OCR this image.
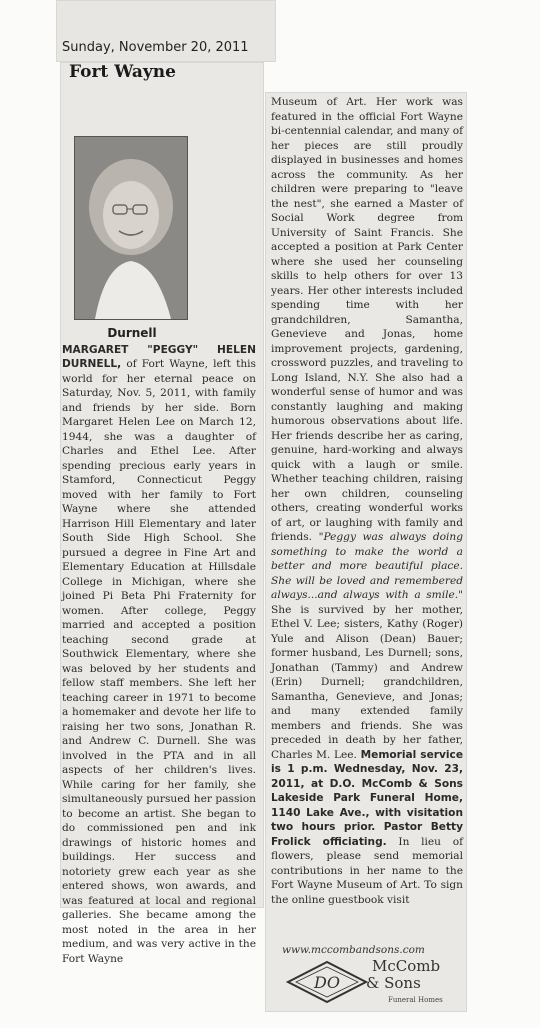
Sunday, November 20, 2011
Fort Wayne
Durnell
MARGARET "PEGGY" HELEN DURNELL, of Fort Wayne, left this world for her eternal peace on Saturday, Nov. 5, 2011, with family and friends by her side. Born Margaret Helen Lee on March 12, 1944, she was a daughter of Charles and Ethel Lee. After spending precious early years in Stamford, Connecticut Peggy moved with her family to Fort Wayne where she attended Harrison Hill Elementary and later South Side High School. She pursued a degree in Fine Art and Elementary Education at Hillsdale College in Michigan, where she joined Pi Beta Phi Fraternity for women. After college, Peggy married and accepted a position teaching second grade at Southwick Elementary, where she was beloved by her students and fellow staff members. She left her teaching career in 1971 to become a homemaker and devote her life to raising her two sons, Jonathan R. and Andrew C. Durnell. She was involved in the PTA and in all aspects of her children's lives. While caring for her family, she simultaneously pursued her passion to become an artist. She began to do commissioned pen and ink drawings of historic homes and buildings. Her success and notoriety grew each year as she entered shows, won awards, and was featured at local and regional galleries. She became among the most noted in the area in her medium, and was very active in the Fort Wayne
Museum of Art. Her work was featured in the official Fort Wayne bi-centennial calendar, and many of her pieces are still proudly displayed in businesses and homes across the community. As her children were preparing to "leave the nest", she earned a Master of Social Work degree from University of Saint Francis. She accepted a position at Park Center where she used her counseling skills to help others for over 13 years. Her other interests included spending time with her grandchildren, Samantha, Genevieve and Jonas, home improvement projects, gardening, crossword puzzles, and traveling to Long Island, N.Y. She also had a wonderful sense of humor and was constantly laughing and making humorous observations about life. Her friends describe her as caring, genuine, hard-working and always quick with a laugh or smile. Whether teaching children, raising her own children, counseling others, creating wonderful works of art, or laughing with family and friends. "Peggy was always doing something to make the world a better and more beautiful place. She will be loved and remembered always...and always with a smile." She is survived by her mother, Ethel V. Lee; sisters, Kathy (Roger) Yule and Alison (Dean) Bauer; former husband, Les Durnell; sons, Jonathan (Tammy) and Andrew (Erin) Durnell; grandchildren, Samantha, Genevieve, and Jonas; and many extended family members and friends. She was preceded in death by her father, Charles M. Lee. Memorial service is 1 p.m. Wednesday, Nov. 23, 2011, at D.O. McComb & Sons Lakeside Park Funeral Home, 1140 Lake Ave., with visitation two hours prior. Pastor Betty Frolick officiating. In lieu of flowers, please send memorial contributions in her name to the Fort Wayne Museum of Art. To sign the online guestbook visit
www.mccombandsons.com
DO
McComb
& Sons
Funeral Homes
